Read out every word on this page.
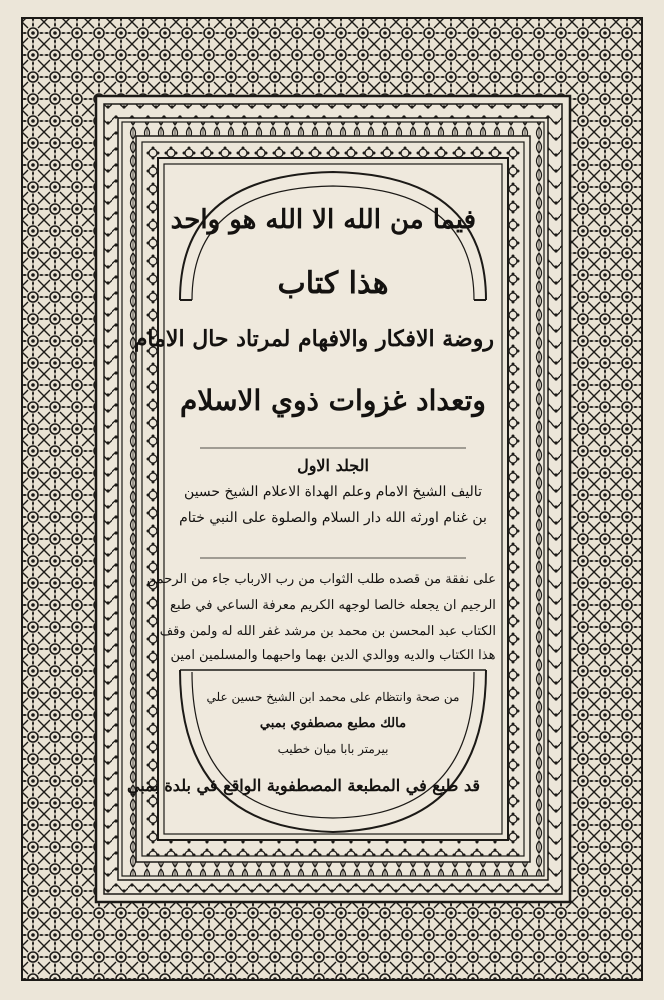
فيما من الله الا الله هو واحد
هذا كتاب
روضة الافكار والافهام لمرتاد حال الامام
وتعداد غزوات ذوي الاسلام
الجلد الاول
تاليف الشيخ الامام وعلم الهداة الاعلام الشيخ حسين
بن غنام اورثه الله دار السلام والصلوة على النبي ختام
على نفقة من قصده طلب الثواب من رب الارباب جاء من الرحمن
الرجيم ان يجعله خالصا لوجهه الكريم معرفة الساعي في طبع
الكتاب عبد المحسن بن محمد بن مرشد غفر الله له ولمن وقف
هذا الكتاب والديه ووالدي الدين بهما واحبهما والمسلمين امين
من صحة وانتظام على محمد ابن الشيخ حسين علي
مالك مطبع مصطفوي بمبي
بيرمتر بابا ميان خطيب
قد طبع في المطبعة المصطفوية الواقع في بلدة بمبي
